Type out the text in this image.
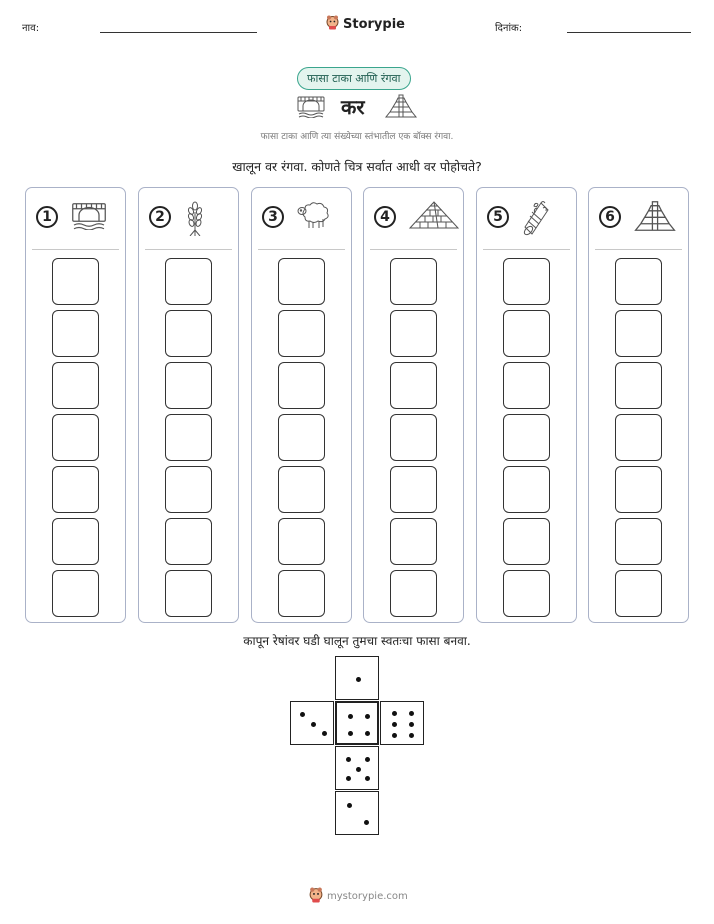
नाव:	Storypie	दिनांक:
फासा टाका आणि रंगवा
कर
फासा टाका आणि त्या संख्येच्या स्तंभातील एक बॉक्स रंगवा.
खालून वर रंगवा. कोणते चित्र सर्वात आधी वर पोहोचते?
1	2	3	4	5	6
कापून रेषांवर घडी घालून तुमचा स्वतःचा फासा बनवा.
mystorypie.com
